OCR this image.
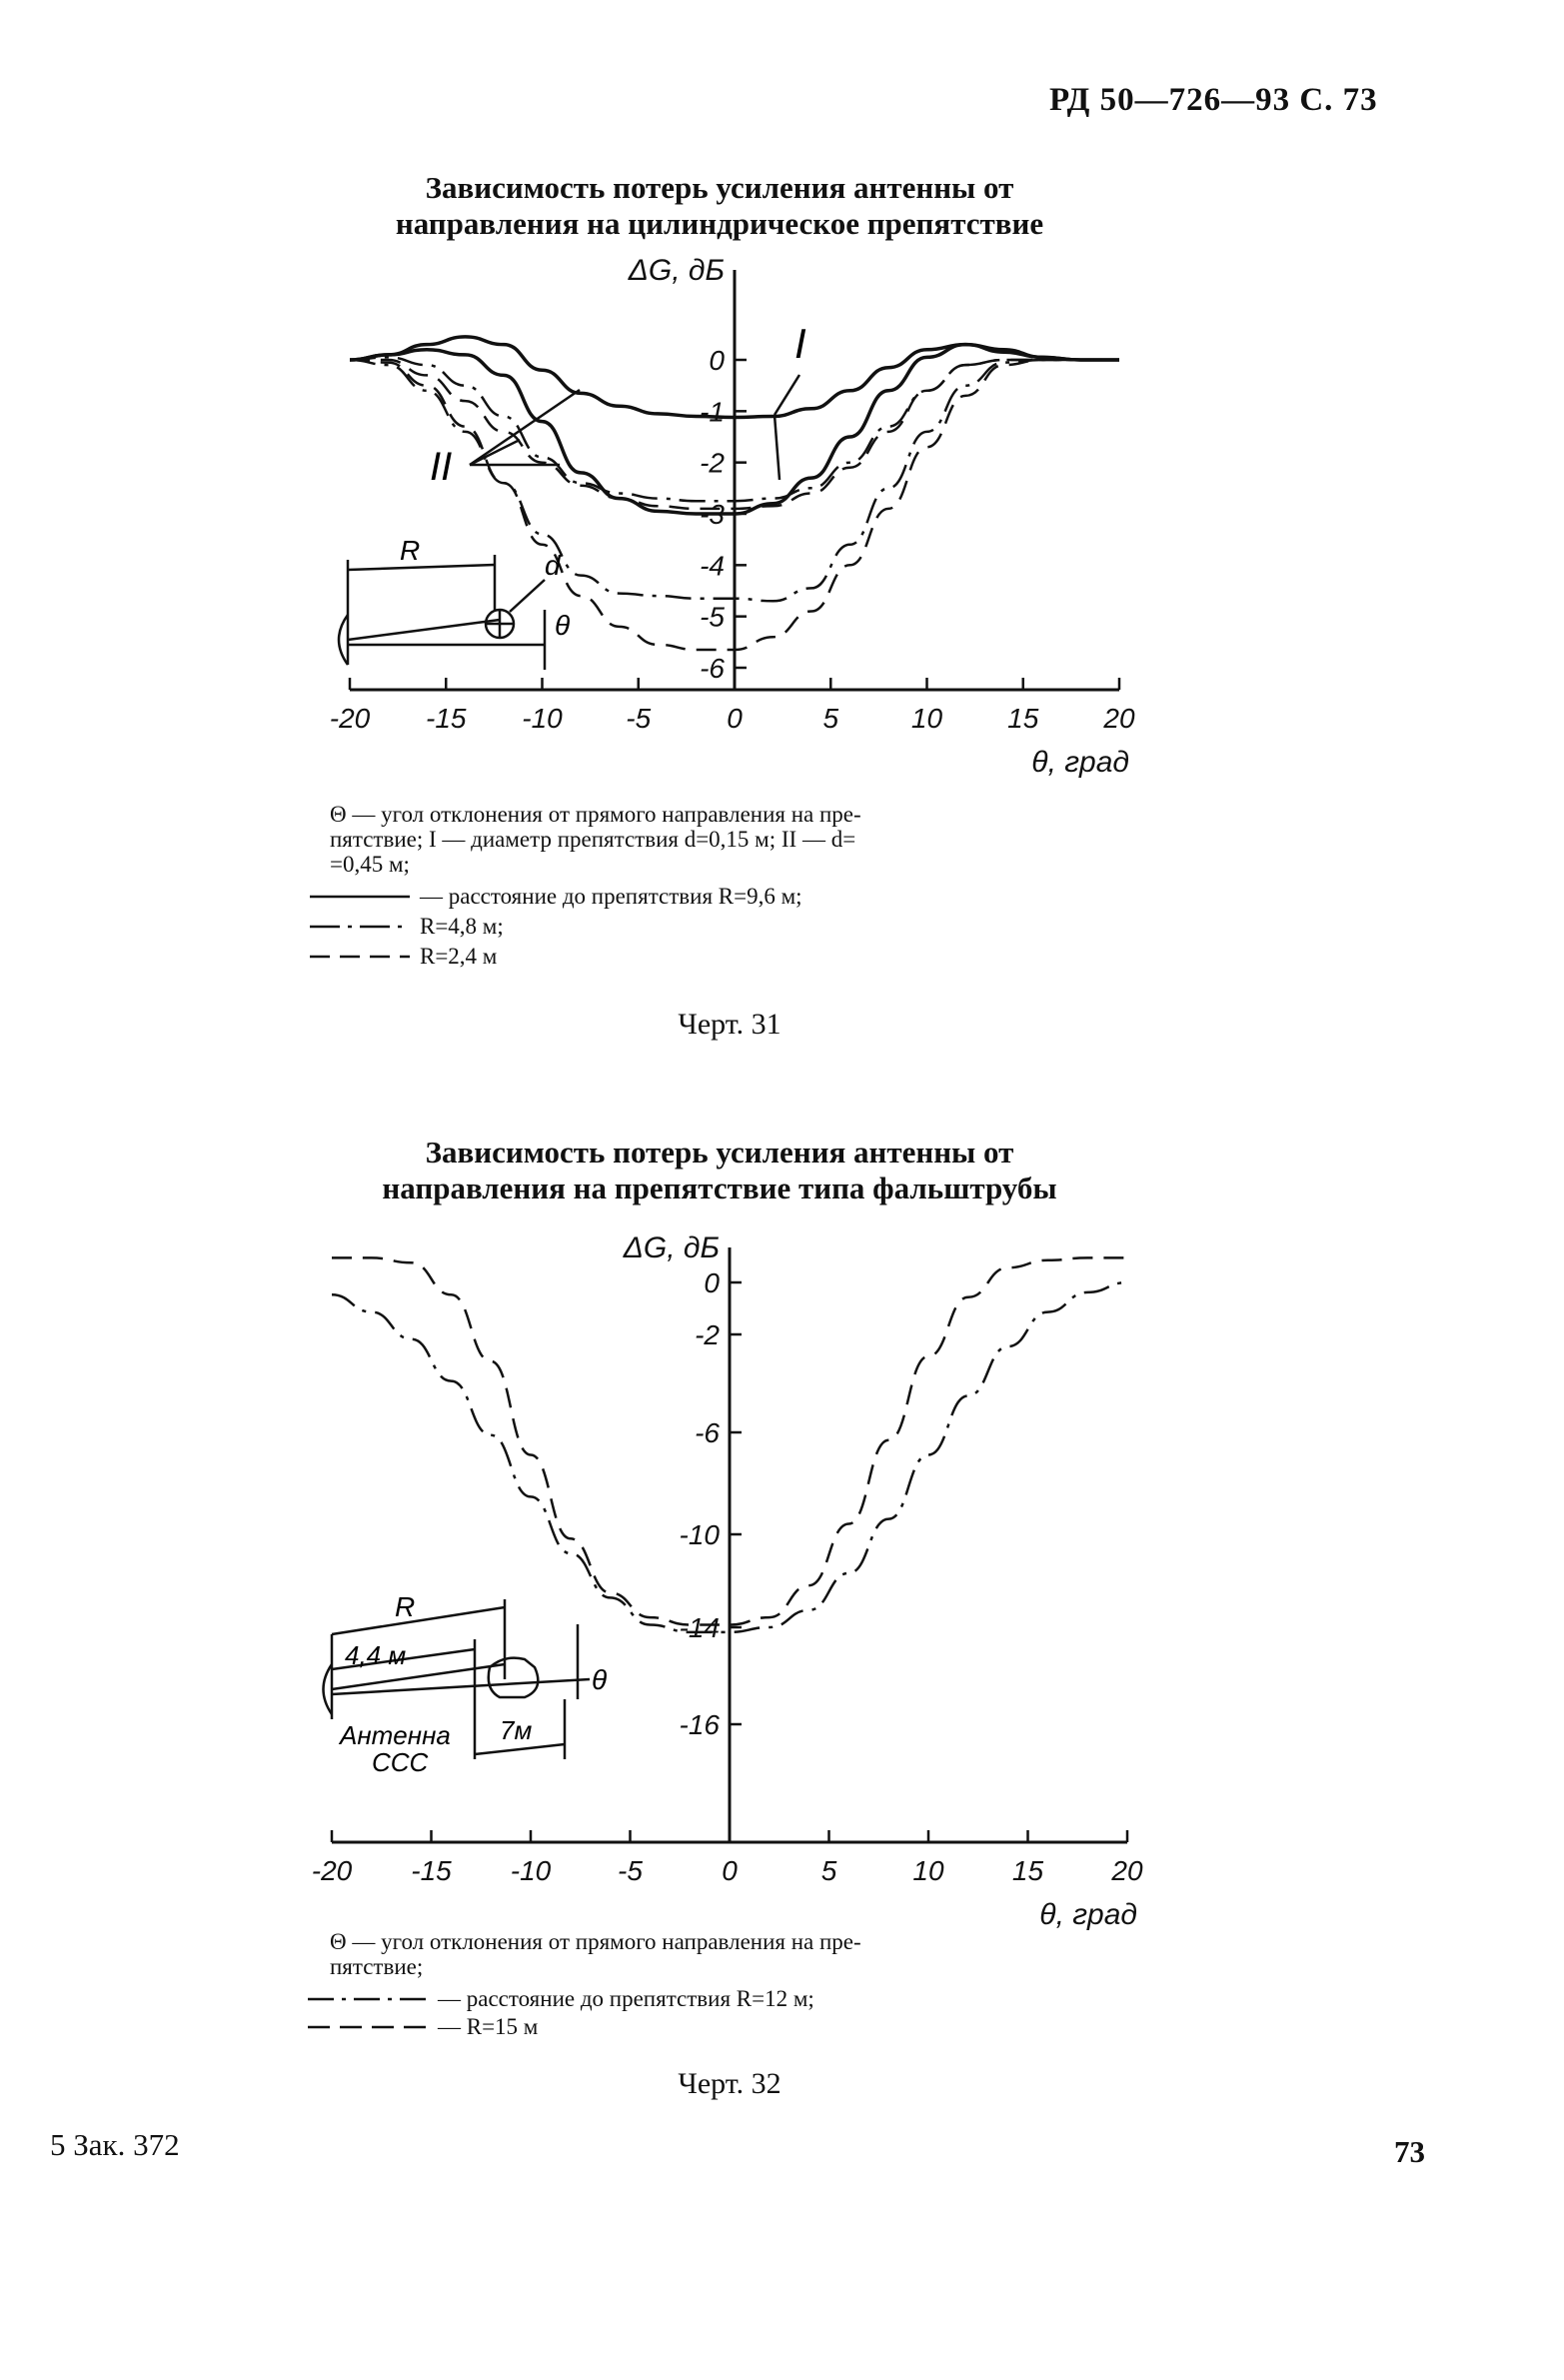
РД 50—726—93 С. 73
Зависимость потерь усиления антенны от
направления на цилиндрическое препятствие
-20 -15 -10 -5	0	5	10 15 20
0
-1
-2
-3
-4
-5
-6
ΔG, дБ
θ, град
R	d
θ
I
II
-20 -15 -10 -5	0	5	10 15 20
0
-2
-6
-10
-14
-16
ΔG, дБ
θ, град
R
4,4 м
7м
θ
Антенна
ССС
Θ — угол отклонения от прямого направления на пре-
пятствие; I — диаметр препятствия d=0,15 м; II — d=
=0,45 м;
— расстояние до препятствия R=9,6 м;
R=4,8 м;
R=2,4 м
Черт. 31
Зависимость потерь усиления антенны от
направления на препятствие типа фальштрубы
Θ — угол отклонения от прямого направления на пре-
пятствие;
— расстояние до препятствия R=12 м;
— R=15 м
Черт. 32
5 Зак. 372	73
